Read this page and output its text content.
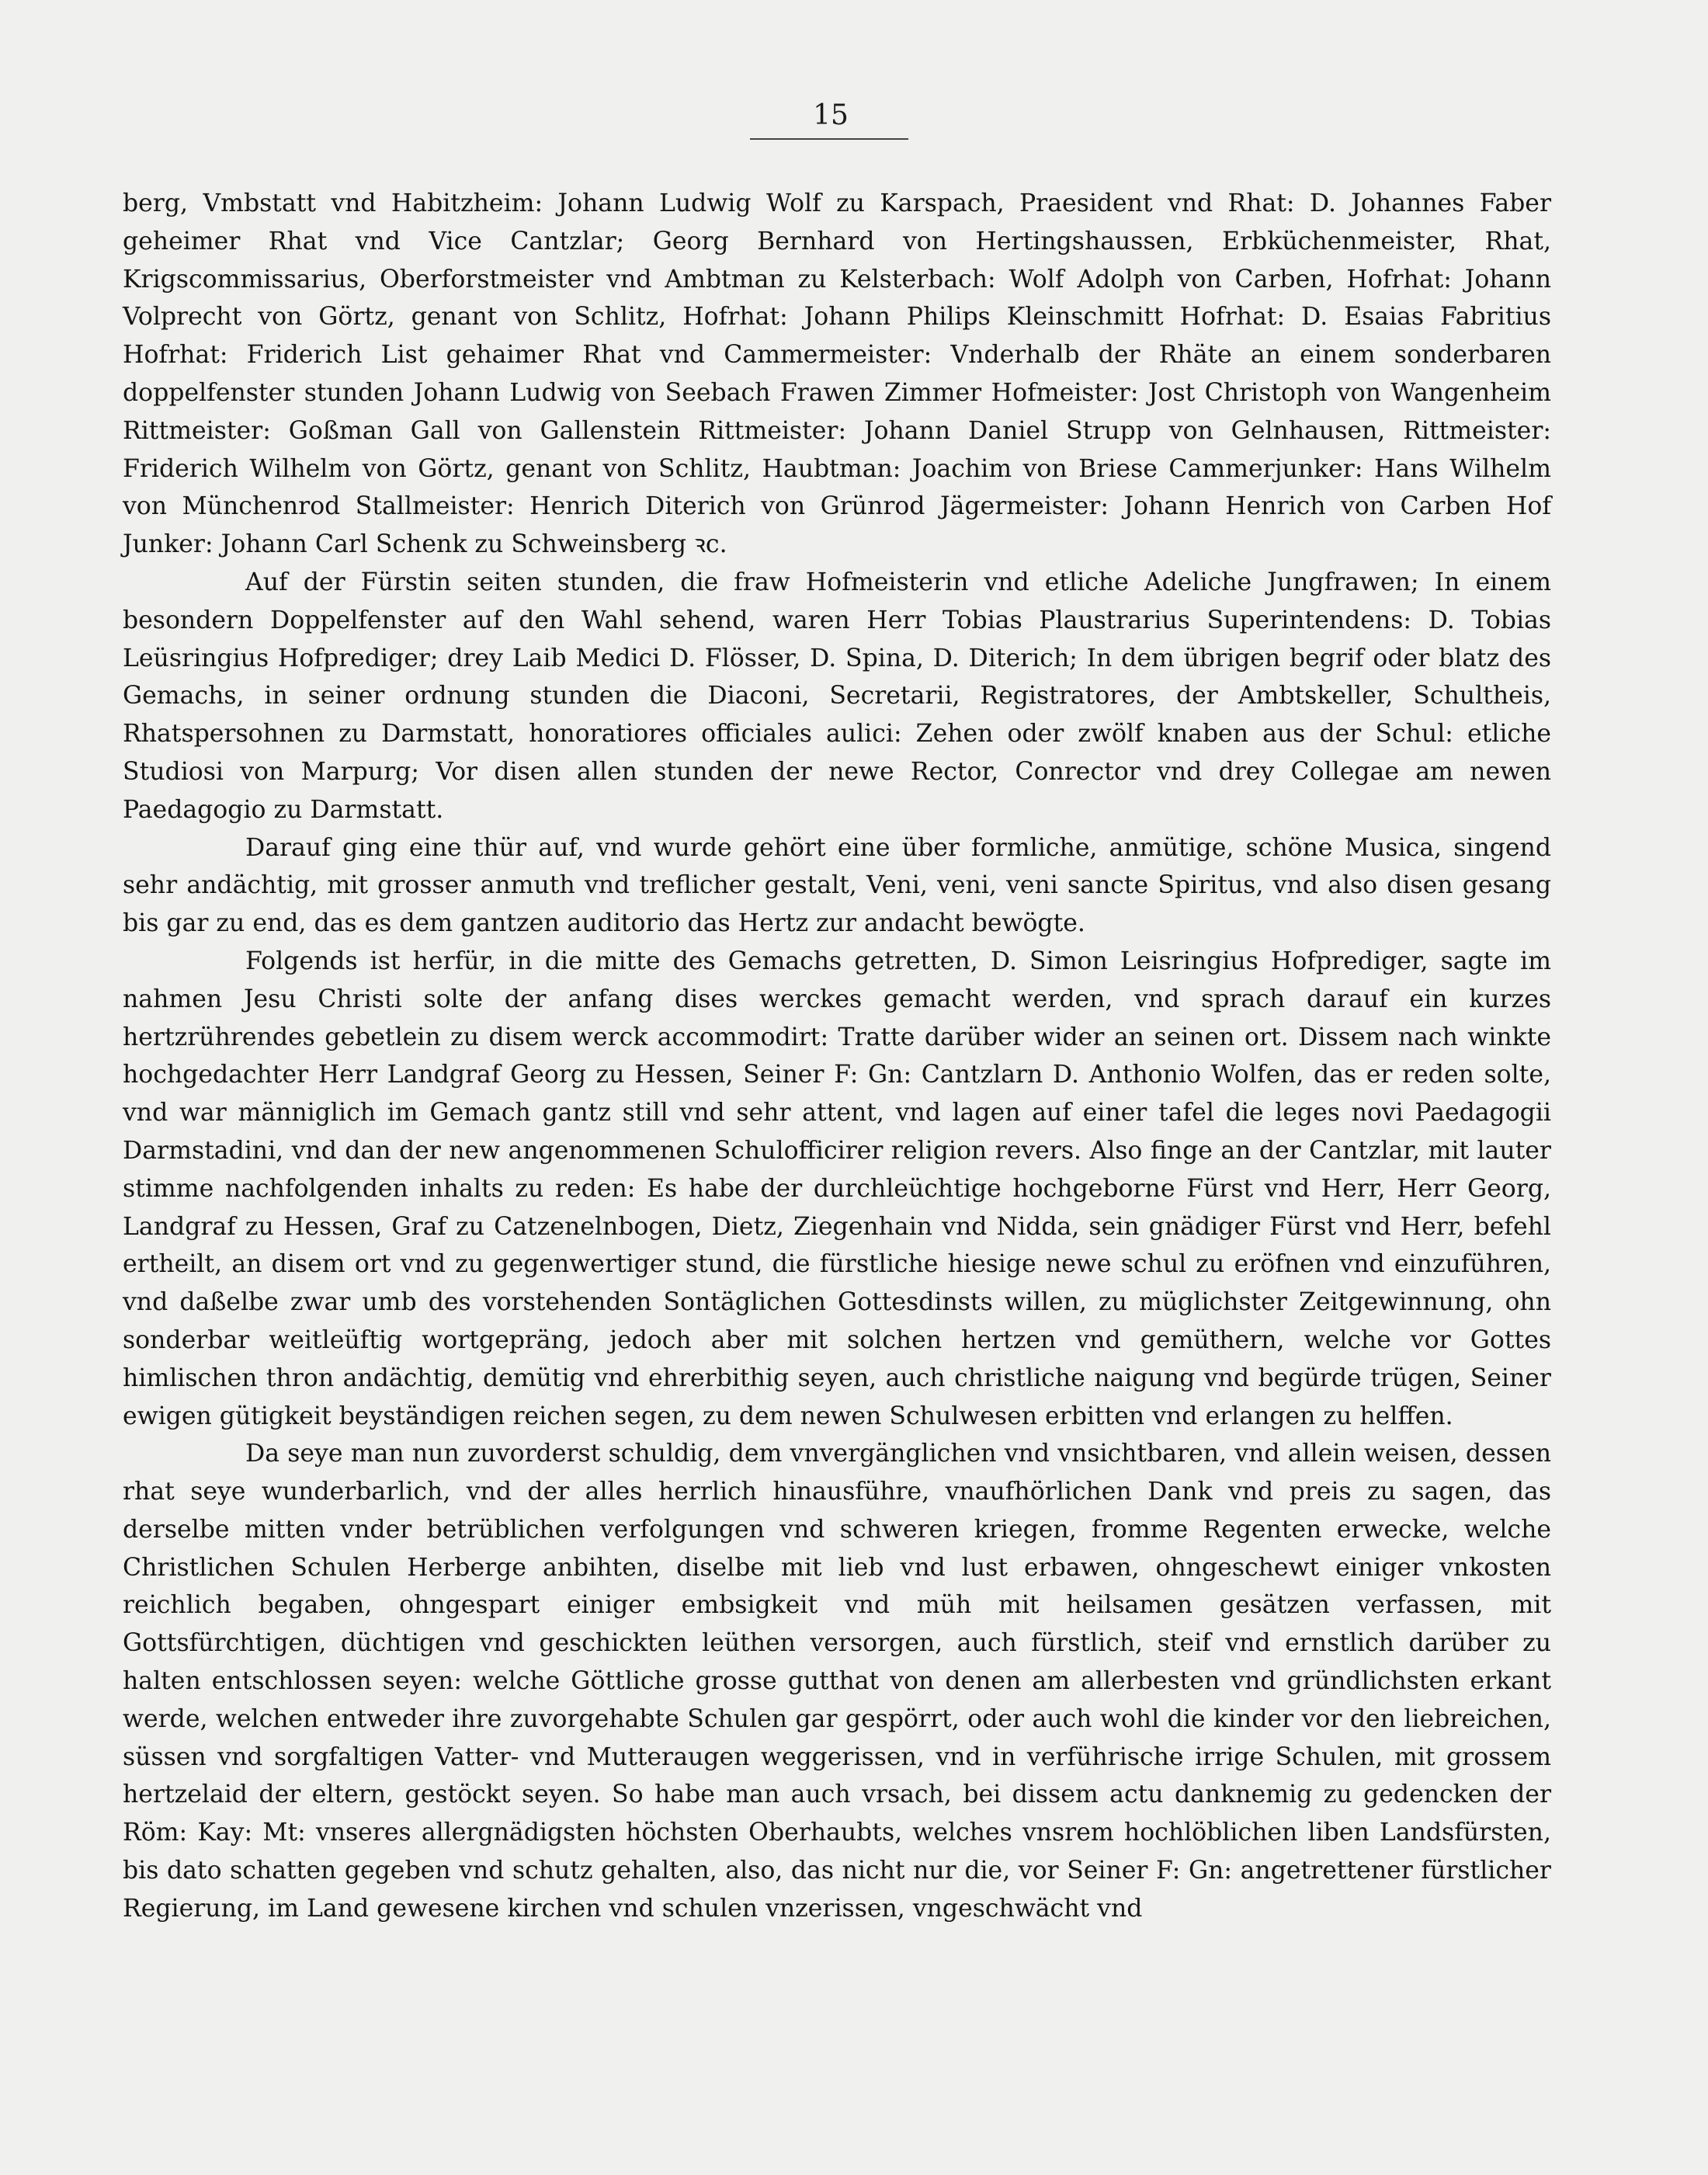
15

berg, Vmbstatt vnd Habitzheim: Johann Ludwig Wolf zu Karspach, Praesident vnd Rhat: D. Johannes Faber geheimer Rhat vnd Vice Cantzlar; Georg Bernhard von Hertingshaussen, Erbküchenmeister, Rhat, Krigscommissarius, Oberforstmeister vnd Ambtman zu Kelsterbach: Wolf Adolph von Carben, Hofrhat: Johann Volprecht von Görtz, genant von Schlitz, Hofrhat: Johann Philips Kleinschmitt Hofrhat: D. Esaias Fabritius Hofrhat: Friderich List gehaimer Rhat vnd Cammermeister: Vnderhalb der Rhäte an einem sonderbaren doppelfenster stunden Johann Ludwig von Seebach Frawen Zimmer Hofmeister: Jost Christoph von Wangenheim Rittmeister: Goßman Gall von Gallenstein Rittmeister: Johann Daniel Strupp von Gelnhausen, Rittmeister: Friderich Wilhelm von Görtz, genant von Schlitz, Haubtman: Joachim von Briese Cammerjunker: Hans Wilhelm von Münchenrod Stallmeister: Henrich Diterich von Grünrod Jägermeister: Johann Henrich von Carben Hof Junker: Johann Carl Schenk zu Schweinsberg ꝛc.

Auf der Fürstin seiten stunden, die fraw Hofmeisterin vnd etliche Adeliche Jungfrawen; In einem besondern Doppelfenster auf den Wahl sehend, waren Herr Tobias Plaustrarius Superintendens: D. Tobias Leüsringius Hofprediger; drey Laib Medici D. Flösser, D. Spina, D. Diterich; In dem übrigen begrif oder blatz des Gemachs, in seiner ordnung stunden die Diaconi, Secretarii, Registratores, der Ambtskeller, Schultheis, Rhatspersohnen zu Darmstatt, honoratiores officiales aulici: Zehen oder zwölf knaben aus der Schul: etliche Studiosi von Marpurg; Vor disen allen stunden der newe Rector, Conrector vnd drey Collegae am newen Paedagogio zu Darmstatt.

Darauf ging eine thür auf, vnd wurde gehört eine über formliche, anmütige, schöne Musica, singend sehr andächtig, mit grosser anmuth vnd treflicher gestalt, Veni, veni, veni sancte Spiritus, vnd also disen gesang bis gar zu end, das es dem gantzen auditorio das Hertz zur andacht bewögte.

Folgends ist herfür, in die mitte des Gemachs getretten, D. Simon Leisringius Hofprediger, sagte im nahmen Jesu Christi solte der anfang dises werckes gemacht werden, vnd sprach darauf ein kurzes hertzrührendes gebetlein zu disem werck accommodirt: Tratte darüber wider an seinen ort. Dissem nach winkte hochgedachter Herr Landgraf Georg zu Hessen, Seiner F: Gn: Cantzlarn D. Anthonio Wolfen, das er reden solte, vnd war männiglich im Gemach gantz still vnd sehr attent, vnd lagen auf einer tafel die leges novi Paedagogii Darmstadini, vnd dan der new angenommenen Schulofficirer religion revers. Also finge an der Cantzlar, mit lauter stimme nachfolgenden inhalts zu reden: Es habe der durchleüchtige hochgeborne Fürst vnd Herr, Herr Georg, Landgraf zu Hessen, Graf zu Catzenelnbogen, Dietz, Ziegenhain vnd Nidda, sein gnädiger Fürst vnd Herr, befehl ertheilt, an disem ort vnd zu gegenwertiger stund, die fürstliche hiesige newe schul zu eröfnen vnd einzuführen, vnd daßelbe zwar umb des vorstehenden Sontäglichen Gottesdinsts willen, zu müglichster Zeitgewinnung, ohn sonderbar weitleüftig wortgepräng, jedoch aber mit solchen hertzen vnd gemüthern, welche vor Gottes himlischen thron andächtig, demütig vnd ehrerbithig seyen, auch christliche naigung vnd begürde trügen, Seiner ewigen gütigkeit beyständigen reichen segen, zu dem newen Schulwesen erbitten vnd erlangen zu helffen.

Da seye man nun zuvorderst schuldig, dem vnvergänglichen vnd vnsichtbaren, vnd allein weisen, dessen rhat seye wunderbarlich, vnd der alles herrlich hinausführe, vnaufhörlichen Dank vnd preis zu sagen, das derselbe mitten vnder betrüblichen verfolgungen vnd schweren kriegen, fromme Regenten erwecke, welche Christlichen Schulen Herberge anbihten, diselbe mit lieb vnd lust erbawen, ohngeschewt einiger vnkosten reichlich begaben, ohngespart einiger embsigkeit vnd müh mit heilsamen gesätzen verfassen, mit Gottsfürchtigen, düchtigen vnd geschickten leüthen versorgen, auch fürstlich, steif vnd ernstlich darüber zu halten entschlossen seyen: welche Göttliche grosse gutthat von denen am allerbesten vnd gründlichsten erkant werde, welchen entweder ihre zuvorgehabte Schulen gar gespörrt, oder auch wohl die kinder vor den liebreichen, süssen vnd sorgfaltigen Vatter- vnd Mutteraugen weggerissen, vnd in verführische irrige Schulen, mit grossem hertzelaid der eltern, gestöckt seyen. So habe man auch vrsach, bei dissem actu danknemig zu gedencken der Röm: Kay: Mt: vnseres allergnädigsten höchsten Oberhaubts, welches vnsrem hochlöblichen liben Landsfürsten, bis dato schatten gegeben vnd schutz gehalten, also, das nicht nur die, vor Seiner F: Gn: angetrettener fürstlicher Regierung, im Land gewesene kirchen vnd schulen vnzerissen, vngeschwächt vnd
